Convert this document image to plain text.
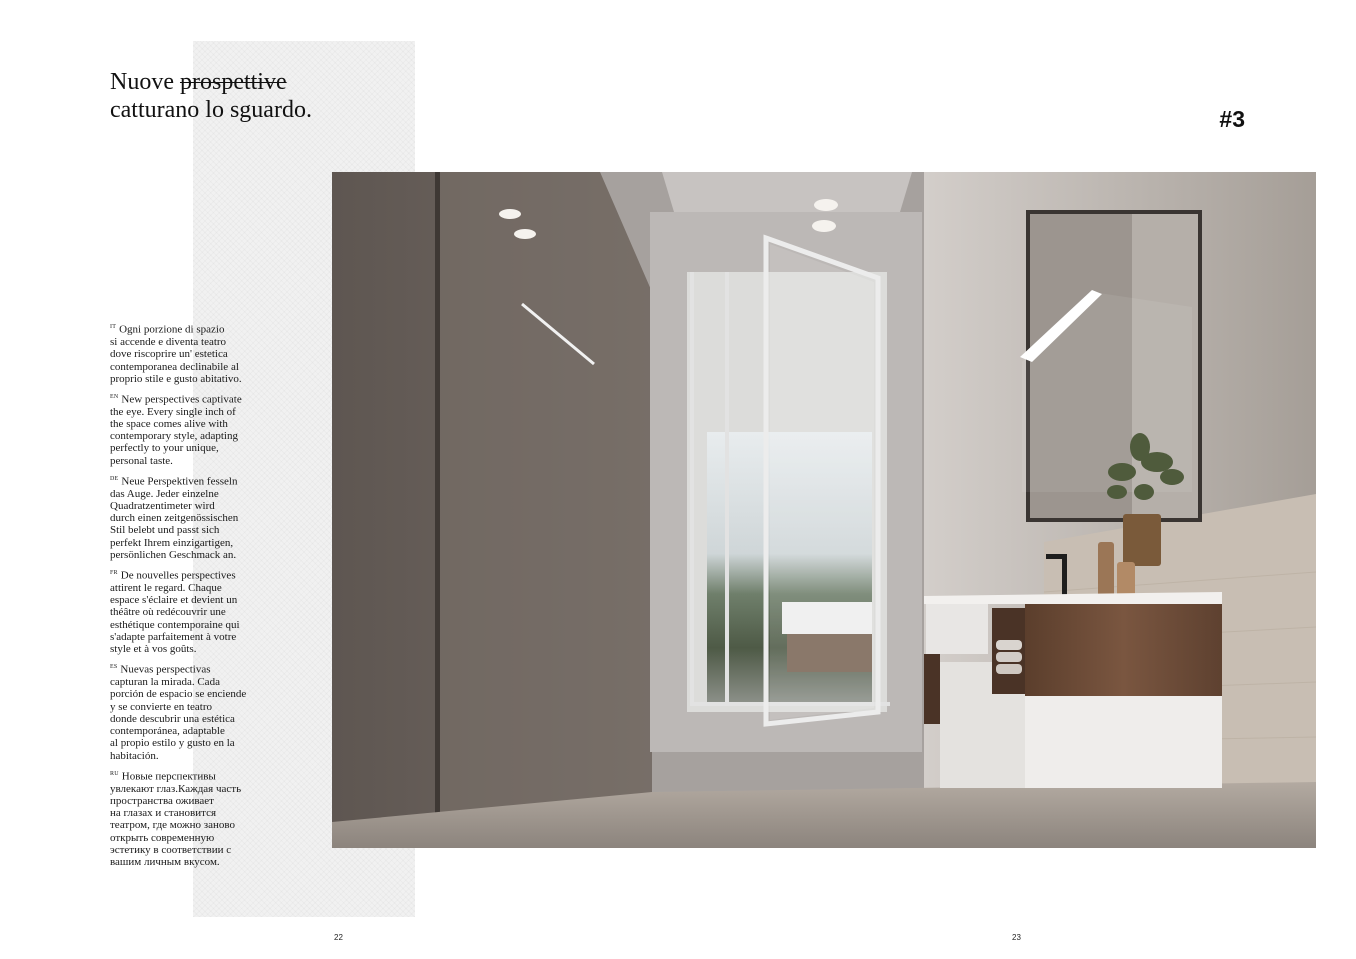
Nuove prospettive
catturano lo sguardo.	#3

$^{IT}$ Ogni porzione di spazio
si accende e diventa teatro
dove riscoprire un' estetica
contemporanea declinabile al
proprio stile e gusto abitativo.

$^{EN}$ New perspectives captivate
the eye. Every single inch of
the space comes alive with
contemporary style, adapting
perfectly to your unique,
personal taste.

$^{DE}$ Neue Perspektiven fesseln
das Auge. Jeder einzelne
Quadratzentimeter wird
durch einen zeitgenössischen
Stil belebt und passt sich
perfekt Ihrem einzigartigen,
persönlichen Geschmack an.

$^{FR}$ De nouvelles perspectives
attirent le regard. Chaque
espace s'éclaire et devient un
théâtre où redécouvrir une
esthétique contemporaine qui
s'adapte parfaitement à votre
style et à vos goûts.

$^{ES}$ Nuevas perspectivas
capturan la mirada. Cada
porción de espacio se enciende
y se convierte en teatro
donde descubrir una estética
contemporánea, adaptable
al propio estilo y gusto en la
habitación.

$^{RU}$ Новые перспективы
увлекают глаз.Каждая часть
пространства оживает
на глазах и становится
театром, где можно заново
открыть современную
эстетику в соответствии с
вашим личным вкусом.

22	23
